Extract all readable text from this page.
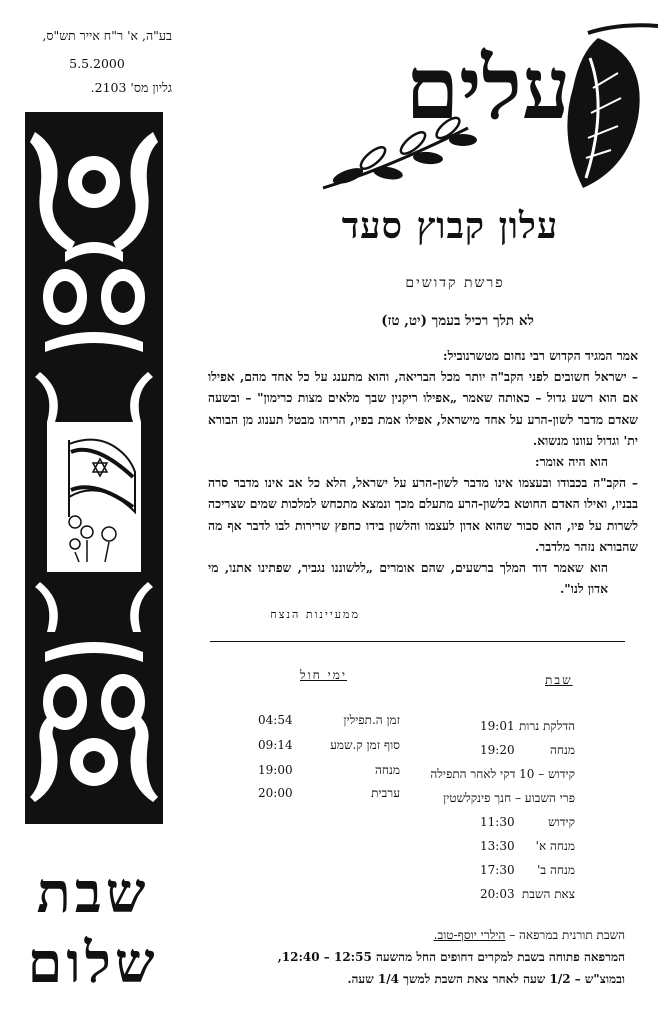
בע"ה, א' ר"ח אייר תש"ס,
5.5.2000
גליון מס' 2103.
שבת
שלום
עלים
עלון קבוץ סעד
פרשת קדושים
לא תלך רכיל בעמך (יט, טז)

אמר המגיד הקדוש רבי נחום מטשרנוביל:

– ישראל חשובים לפני הקב"ה יותר מכל הבריאה, והוא מתענג על כל אחד מהם, אפילו אם הוא רשע גדול – כאותה שאמר „אפילו ריקנין שבך מלאים מצות כרימון" – ובשעה שאדם מדבר לשון-הרע על אחד מישראל, אפילו אמת בפיו, הריהו מבטל תענוג מן הבורא ית' וגדול עוונו מנשוא.

הוא היה אומר:

– הקב"ה בכבודו ובעצמו אינו מדבר לשון-הרע על ישראל, הלא כל אב אינו מדבר סרה בבניו, ואילו האדם החוטא בלשון-הרע מתעלם מכך ונמצא מתכחש למלכות שמים שצריכה לשרות על פיו, הוא סבור שהוא אדון לעצמו והלשון בידו כחפץ שרירות לבו לדבר אף מה שהבורא נזהר מלדבר.

הוא שאמר דוד המלך ברשעים, שהם אומרים „ללשוננו נגביר, שפתינו אתנו, מי אדון לנו".

ממעיינות הנצח
ימי חול	שבת
זמן ה.תפילין
04:54
סוף זמן ק.שמע
09:14
מנחה
19:00
ערבית
20:00
הדלקת נרות
19:01
מנחה
19:20
קידוש – 10 דקי לאחר התפילה
פרי השבוע – חנך פינקלשטין
קידוש
11:30
מנחה א'
13:30
מנחה ב'
17:30
צאת השבת
20:03
השבת תורנית במרפאה – הילרי יוסף-טוב.
המרפאה פתוחה בשבת למקרים דחופים החל מהשעה 12:55 – 12:40,
ובמוצ"ש – 1/2 שעה לאחר צאת השבת למשך 1/4 שעה.
